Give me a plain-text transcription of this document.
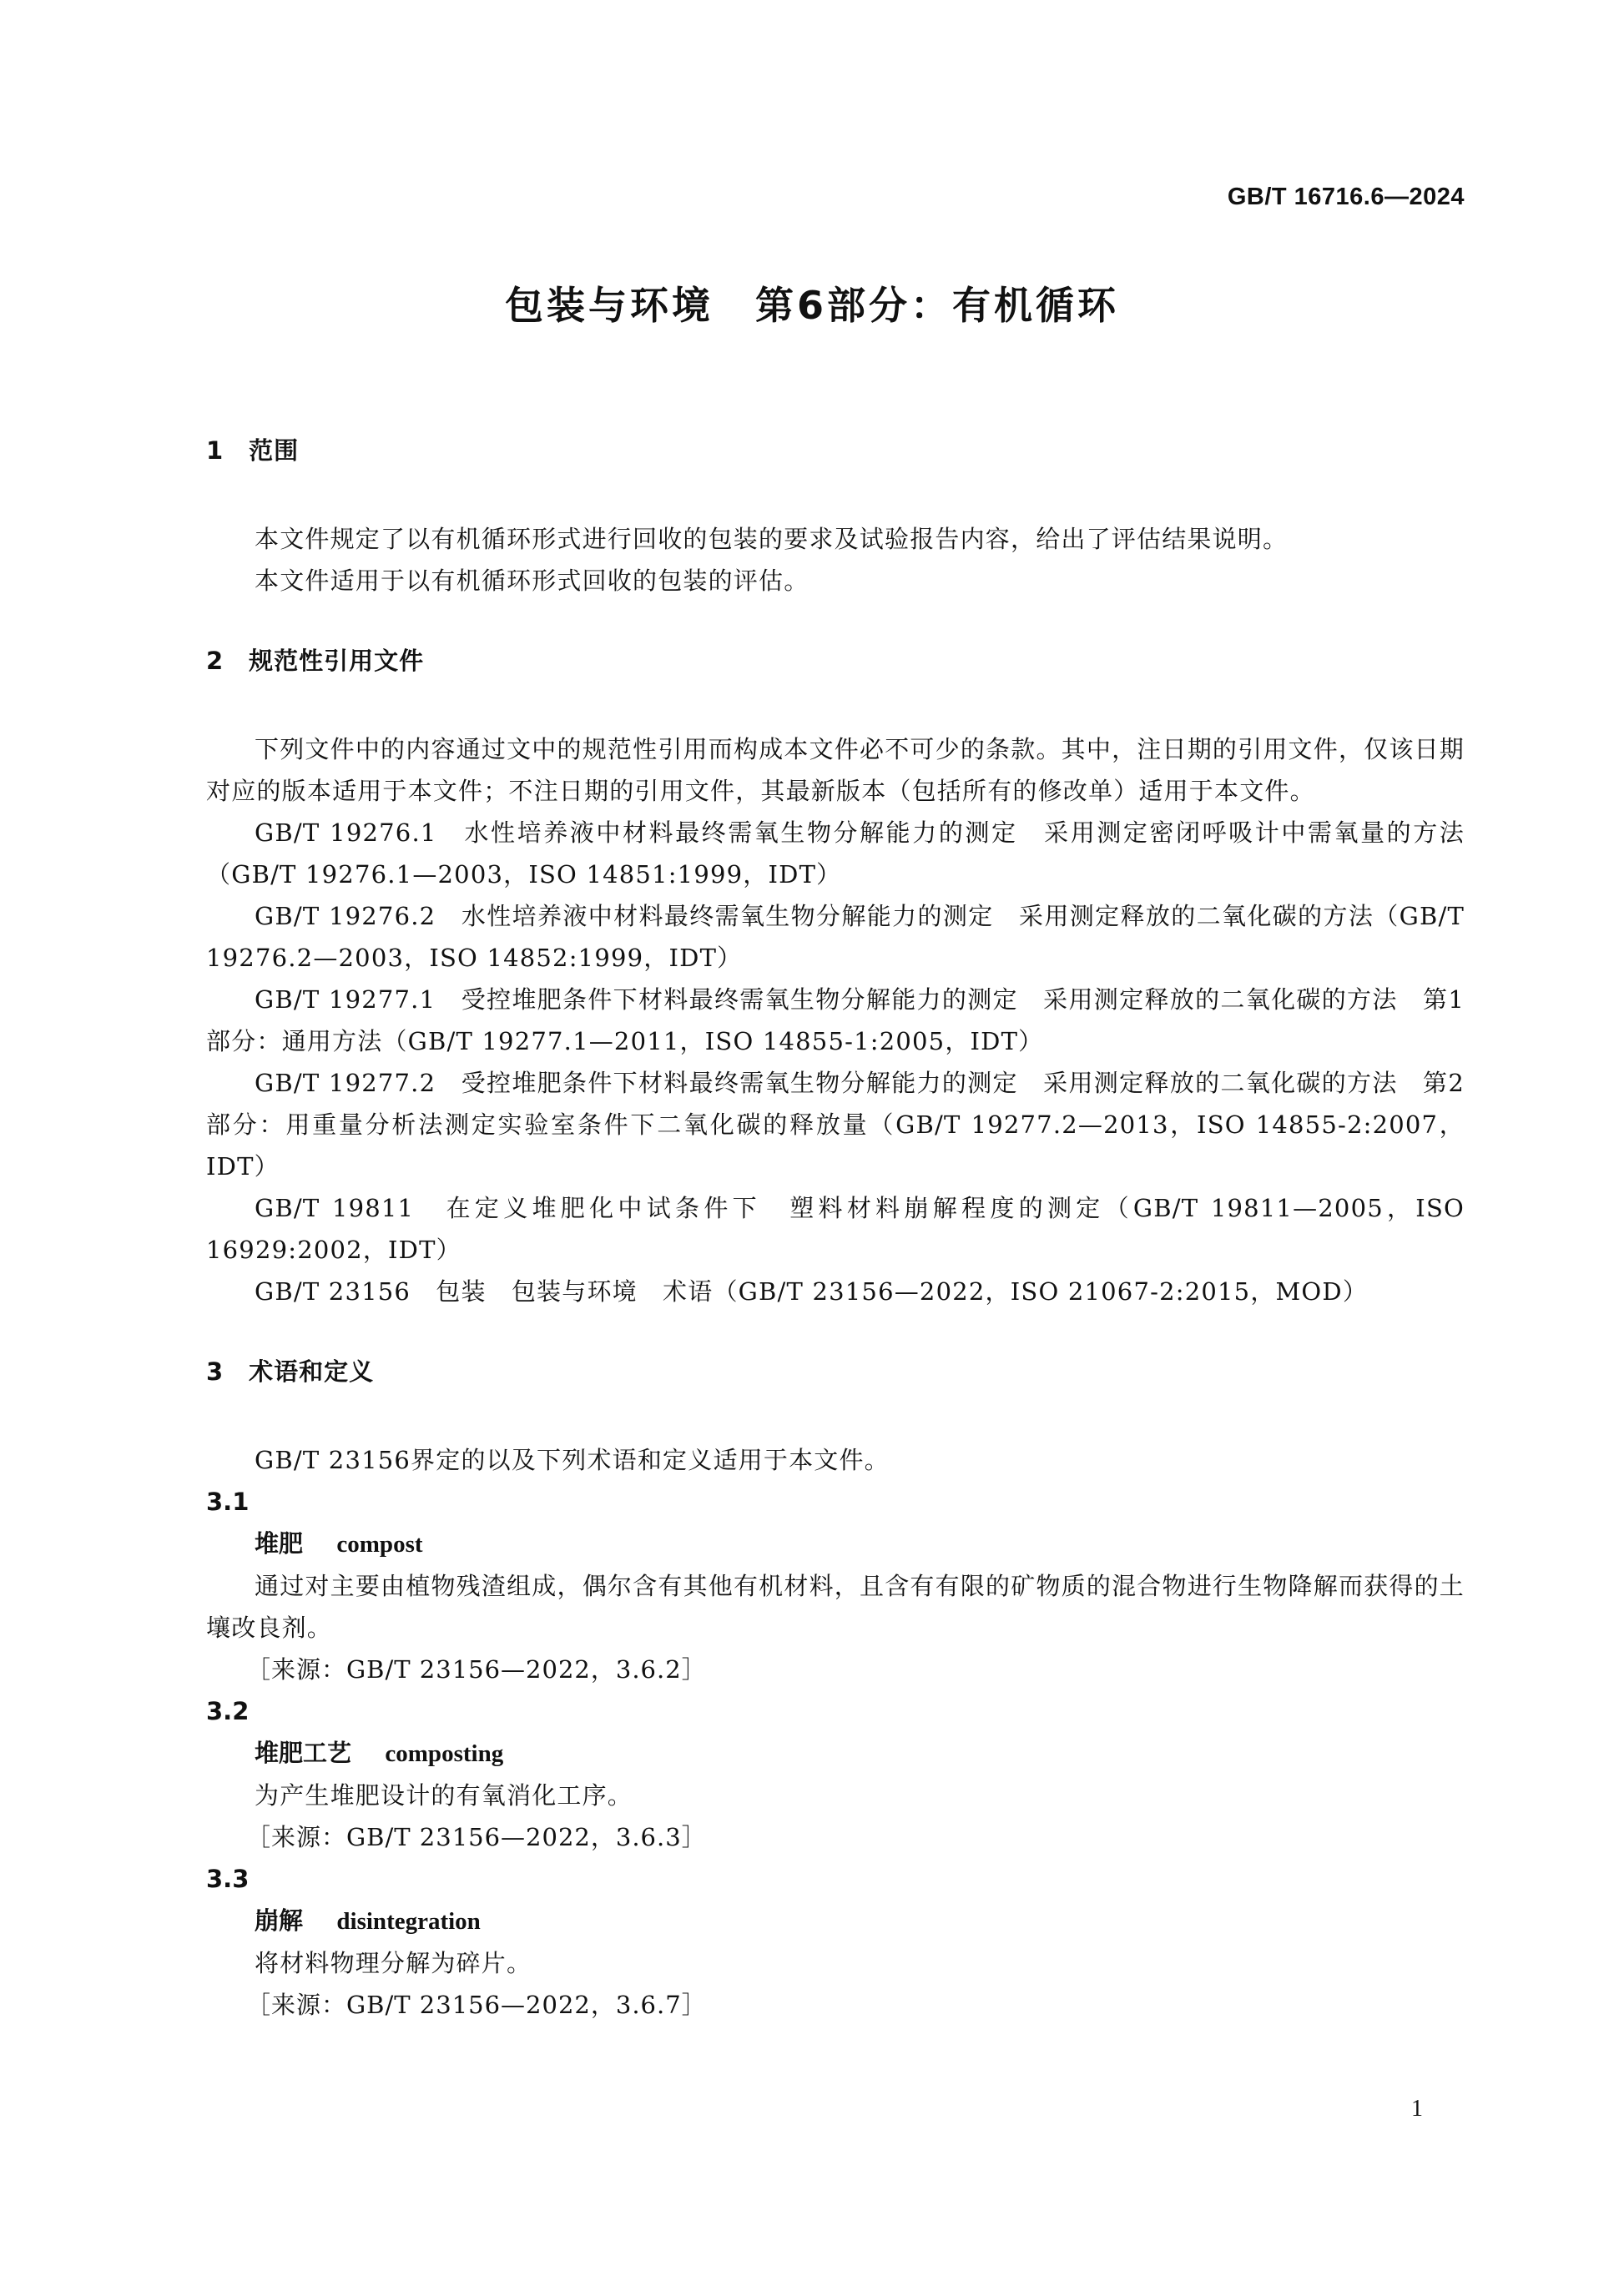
GB/T 16716.6—2024
包装与环境　第6部分：有机循环
1　范围

本文件规定了以有机循环形式进行回收的包装的要求及试验报告内容，给出了评估结果说明。

本文件适用于以有机循环形式回收的包装的评估。

2　规范性引用文件

下列文件中的内容通过文中的规范性引用而构成本文件必不可少的条款。其中，注日期的引用文件，仅该日期对应的版本适用于本文件；不注日期的引用文件，其最新版本（包括所有的修改单）适用于本文件。

GB/T 19276.1　水性培养液中材料最终需氧生物分解能力的测定　采用测定密闭呼吸计中需氧量的方法（GB/T 19276.1—2003，ISO 14851:1999，IDT）

GB/T 19276.2　水性培养液中材料最终需氧生物分解能力的测定　采用测定释放的二氧化碳的方法（GB/T 19276.2—2003，ISO 14852:1999，IDT）

GB/T 19277.1　受控堆肥条件下材料最终需氧生物分解能力的测定　采用测定释放的二氧化碳的方法　第1部分：通用方法（GB/T 19277.1—2011，ISO 14855-1:2005，IDT）

GB/T 19277.2　受控堆肥条件下材料最终需氧生物分解能力的测定　采用测定释放的二氧化碳的方法　第2部分：用重量分析法测定实验室条件下二氧化碳的释放量（GB/T 19277.2—2013，ISO 14855-2:2007，IDT）

GB/T 19811　在定义堆肥化中试条件下　塑料材料崩解程度的测定（GB/T 19811—2005，ISO 16929:2002，IDT）

GB/T 23156　包装　包装与环境　术语（GB/T 23156—2022，ISO 21067-2:2015，MOD）

3　术语和定义

GB/T 23156界定的以及下列术语和定义适用于本文件。

3.1
堆肥 compost

通过对主要由植物残渣组成，偶尔含有其他有机材料，且含有有限的矿物质的混合物进行生物降解而获得的土壤改良剂。

［来源：GB/T 23156—2022，3.6.2］
3.2
堆肥工艺 composting

为产生堆肥设计的有氧消化工序。

［来源：GB/T 23156—2022，3.6.3］
3.3
崩解 disintegration

将材料物理分解为碎片。

［来源：GB/T 23156—2022，3.6.7］
1
